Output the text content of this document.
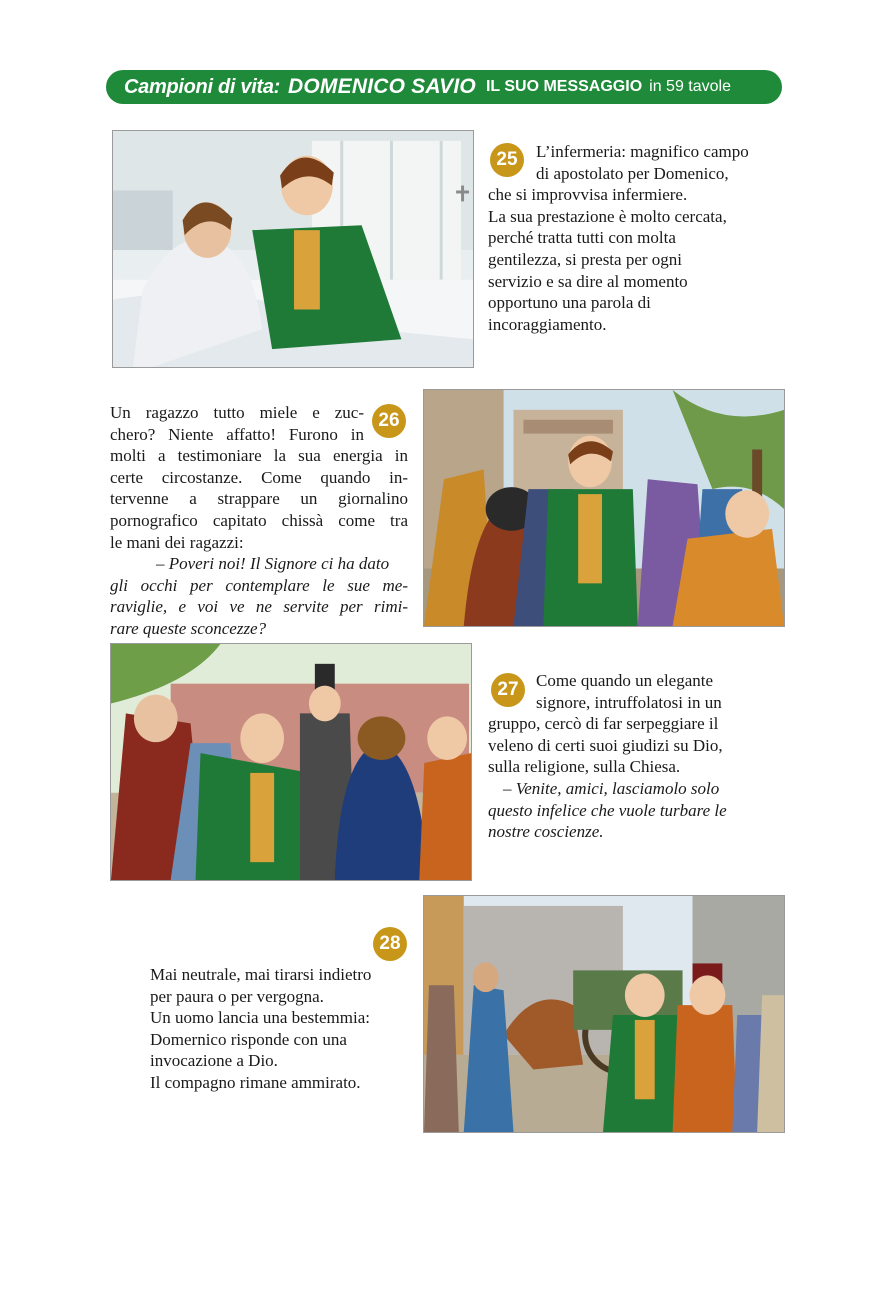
Campioni di vita: DOMENICO SAVIO IL SUO MESSAGGIO in 59 tavole
25	L’infermeria: magnifico campo

di apostolato per Domenico,

che si improvvisa infermiere.

La sua prestazione è molto cercata,

perché tratta tutti con molta

gentilezza, si presta per ogni

servizio e sa dire al momento

opportuno una parola di

incoraggiamento.

26

Un ragazzo tutto miele e zuc-

chero? Niente affatto! Furono in

molti a testimoniare la sua energia in

certe circostanze. Come quando in-

tervenne a strappare un giornalino

pornografico capitato chissà come tra

le mani dei ragazzi:

– Poveri noi! Il Signore ci ha dato

gli occhi per contemplare le sue me-

raviglie, e voi ve ne servite per rimi-

rare queste sconcezze?

27	Come quando un elegante

signore, intruffolatosi in un

gruppo, cercò di far serpeggiare il

veleno di certi suoi giudizi su Dio,

sulla religione, sulla Chiesa.

– Venite, amici, lasciamolo solo

questo infelice che vuole turbare le

nostre coscienze.

28

Mai neutrale, mai tirarsi indietro

per paura o per vergogna.

Un uomo lancia una bestemmia:

Domernico risponde con una

invocazione a Dio.

Il compagno rimane ammirato.
